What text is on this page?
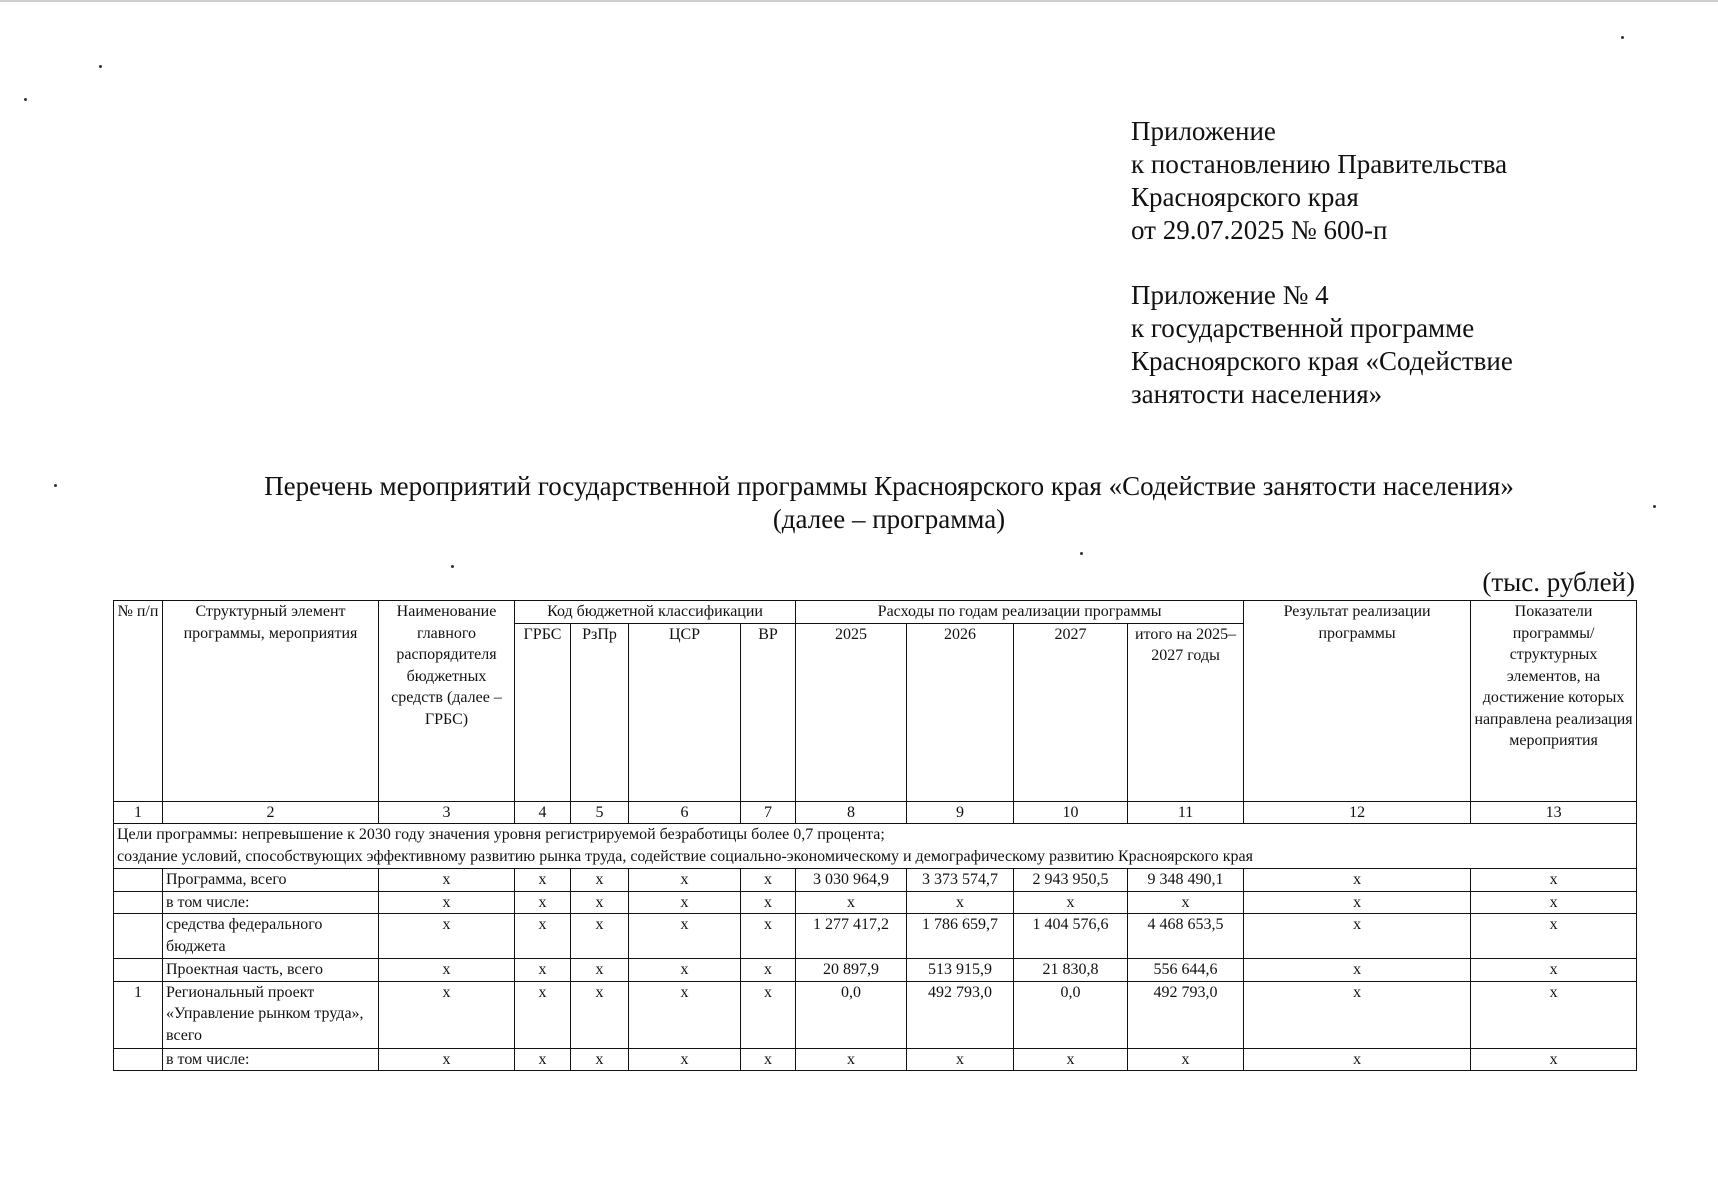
Приложение
к постановлению Правительства
Красноярского края
от 29.07.2025 № 600-п
Приложение № 4
к государственной программе
Красноярского края «Содействие
занятости населения»
Перечень мероприятий государственной программы Красноярского края «Содействие занятости населения»
(далее – программа)
(тыс. рублей)
№ п/п	Структурный элемент программы, мероприятия	Наименование главного распорядителя бюджетных средств (далее – ГРБС)	Код бюджетной классификации				Расходы по годам реализации программы				Результат реализации программы	Показатели программы/ структурных элементов, на достижение которых направлена реализация мероприятия
			ГРБС	РзПр	ЦСР	ВР	2025	2026	2027	итого на 2025–2027 годы		
1	2	3	4	5	6	7	8	9	10	11	12	13

Цели программы: непревышение к 2030 году значения уровня регистрируемой безработицы более 0,7 процента;
создание условий, способствующих эффективному развитию рынка труда, содействие социально-экономическому и демографическому развитию Красноярского края												

	Программа, всего	х	х	х	х	х	3 030 964,9	3 373 574,7	2 943 950,5	9 348 490,1	х	х
	в том числе:	х	х	х	х	х	х	х	х	х	х	х
	средства федерального бюджета	х	х	х	х	х	1 277 417,2	1 786 659,7	1 404 576,6	4 468 653,5	х	х
	Проектная часть, всего	х	х	х	х	х	20 897,9	513 915,9	21 830,8	556 644,6	х	х
1	Региональный проект «Управление рынком труда», всего	х	х	х	х	х	0,0	492 793,0	0,0	492 793,0	х	х
	в том числе:	х	х	х	х	х	х	х	х	х	х	х
